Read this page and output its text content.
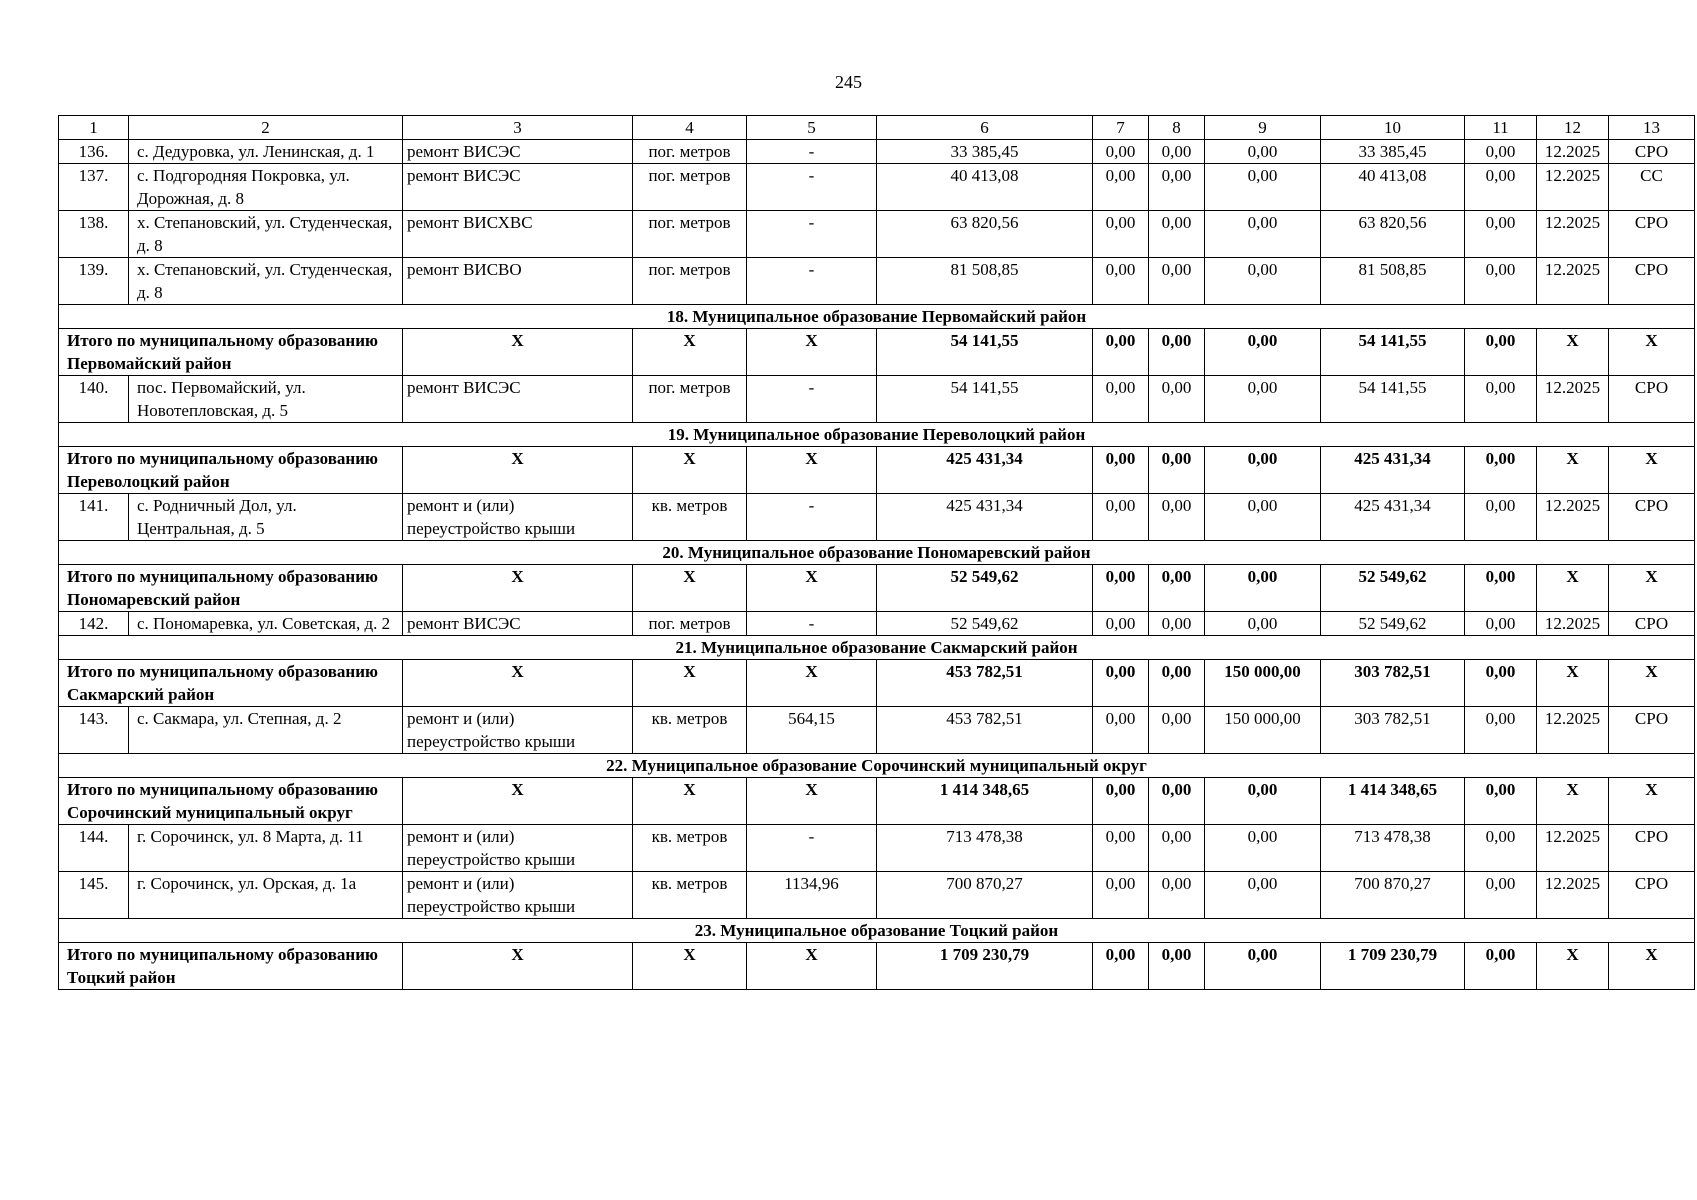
245
1	2	3	4	5	6	7	8	9	10	11	12	13
136.	с. Дедуровка, ул. Ленинская, д. 1	ремонт ВИСЭС	пог. метров	-	33 385,45	0,00	0,00	0,00	33 385,45	0,00	12.2025	СРО
137.	с. Подгородняя Покровка, ул. Дорожная, д. 8	ремонт ВИСЭС	пог. метров	-	40 413,08	0,00	0,00	0,00	40 413,08	0,00	12.2025	СС
138.	х. Степановский, ул. Студенческая, д. 8	ремонт ВИСХВС	пог. метров	-	63 820,56	0,00	0,00	0,00	63 820,56	0,00	12.2025	СРО
139.	х. Степановский, ул. Студенческая, д. 8	ремонт ВИСВО	пог. метров	-	81 508,85	0,00	0,00	0,00	81 508,85	0,00	12.2025	СРО
18. Муниципальное образование Первомайский район												
Итого по муниципальному образованию Первомайский район		X	X	X	54 141,55	0,00	0,00	0,00	54 141,55	0,00	X	X
140.	пос. Первомайский, ул. Новотепловская, д. 5	ремонт ВИСЭС	пог. метров	-	54 141,55	0,00	0,00	0,00	54 141,55	0,00	12.2025	СРО
19. Муниципальное образование Переволоцкий район												
Итого по муниципальному образованию Переволоцкий район		X	X	X	425 431,34	0,00	0,00	0,00	425 431,34	0,00	X	X
141.	с. Родничный Дол, ул. Центральная, д. 5	ремонт и (или) переустройство крыши	кв. метров	-	425 431,34	0,00	0,00	0,00	425 431,34	0,00	12.2025	СРО
20. Муниципальное образование Пономаревский район												
Итого по муниципальному образованию Пономаревский район		X	X	X	52 549,62	0,00	0,00	0,00	52 549,62	0,00	X	X
142.	с. Пономаревка, ул. Советская, д. 2	ремонт ВИСЭС	пог. метров	-	52 549,62	0,00	0,00	0,00	52 549,62	0,00	12.2025	СРО
21. Муниципальное образование Сакмарский район												
Итого по муниципальному образованию Сакмарский район		X	X	X	453 782,51	0,00	0,00	150 000,00	303 782,51	0,00	X	X
143.	с. Сакмара, ул. Степная, д. 2	ремонт и (или) переустройство крыши	кв. метров	564,15	453 782,51	0,00	0,00	150 000,00	303 782,51	0,00	12.2025	СРО
22. Муниципальное образование Сорочинский муниципальный округ												
Итого по муниципальному образованию Сорочинский муниципальный округ		X	X	X	1 414 348,65	0,00	0,00	0,00	1 414 348,65	0,00	X	X
144.	г. Сорочинск, ул. 8 Марта, д. 11	ремонт и (или) переустройство крыши	кв. метров	-	713 478,38	0,00	0,00	0,00	713 478,38	0,00	12.2025	СРО
145.	г. Сорочинск, ул. Орская, д. 1а	ремонт и (или) переустройство крыши	кв. метров	1134,96	700 870,27	0,00	0,00	0,00	700 870,27	0,00	12.2025	СРО
23. Муниципальное образование Тоцкий район												
Итого по муниципальному образованию Тоцкий район		X	X	X	1 709 230,79	0,00	0,00	0,00	1 709 230,79	0,00	X	X
